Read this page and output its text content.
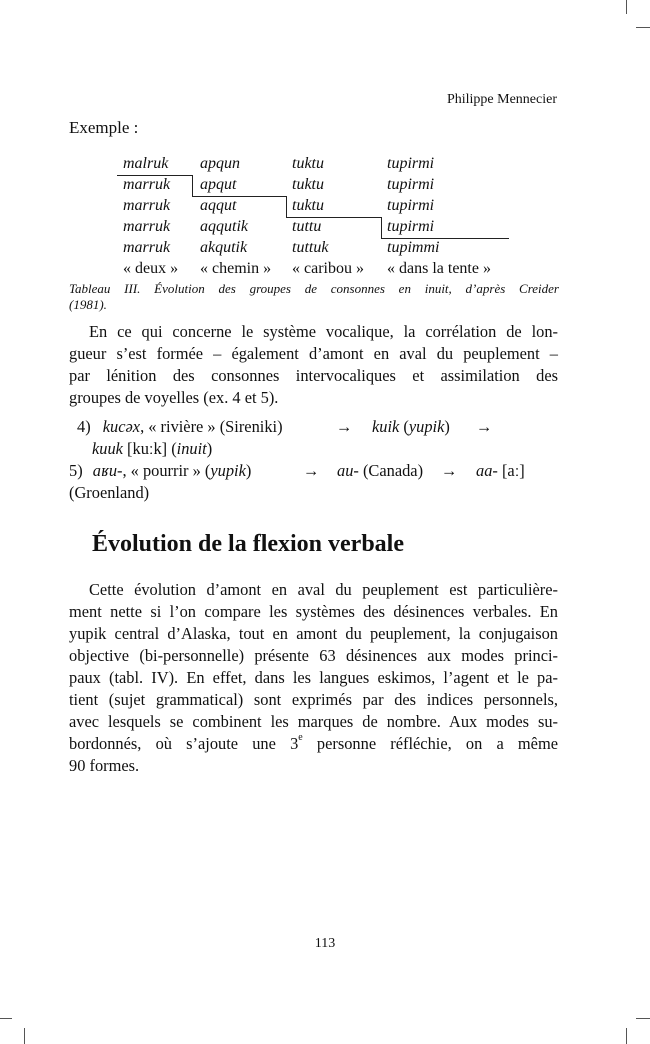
Philippe Mennecier
Exemple :
malruk apqun	tuktu	tupirmi
marruk apqut	tuktu	tupirmi
marruk aqqut	tuktu	tupirmi
marruk aqqutik	tuttu	tupirmi
marruk akqutik	tuttuk	tupimmi
« deux » « chemin » « caribou » « dans la tente »
Tableau III. Évolution des groupes de consonnes en inuit, d’après Creider
(1981).
En ce qui concerne le système vocalique, la corrélation de lon-
gueur s’est formée – également d’amont en aval du peuplement –
par lénition des consonnes intervocaliques et assimilation des
groupes de voyelles (ex. 4 et 5).
4) kucəx, « rivière » (Sireniki)	→ kuik (yupik) →
kuuk [kuːk] (inuit)
5) aʁu-, « pourrir » (yupik)	→ au- (Canada) → aa- [aː]
(Groenland)
Évolution de la flexion verbale
Cette évolution d’amont en aval du peuplement est particulière-
ment nette si l’on compare les systèmes des désinences verbales. En
yupik central d’Alaska, tout en amont du peuplement, la conjugaison
objective (bi-personnelle) présente 63 désinences aux modes princi-
paux (tabl. IV). En effet, dans les langues eskimos, l’agent et le pa-
tient (sujet grammatical) sont exprimés par des indices personnels,
avec lesquels se combinent les marques de nombre. Aux modes su-
bordonnés, où s’ajoute une 3e personne réfléchie, on a même
90 formes.
113
